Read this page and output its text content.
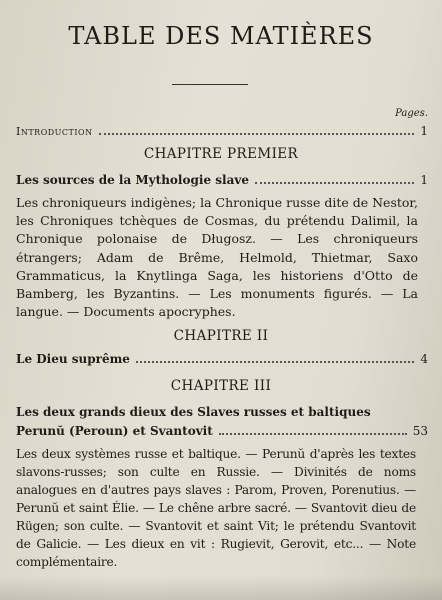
TABLE DES MATIÈRES
Pages.
Introduction	1
CHAPITRE PREMIER
Les sources de la Mythologie slave	1
Les chroniqueurs indigènes; la Chronique russe dite de Nestor, les Chroniques tchèques de Cosmas, du prétendu Dalimil, la Chronique polonaise de Długosz. — Les chroniqueurs étrangers; Adam de Brême, Helmold, Thietmar, Saxo Grammaticus, la Knytlinga Saga, les historiens d'Otto de Bamberg, les Byzantins. — Les monuments figurés. — La langue. — Documents apocryphes.
CHAPITRE II
Le Dieu suprême	4
CHAPITRE III
Les deux grands dieux des Slaves russes et baltiques
Perunŭ (Peroun) et Svantovit	53
Les deux systèmes russe et baltique. — Perunŭ d'après les textes slavons-russes; son culte en Russie. — Divinités de noms analogues en d'autres pays slaves : Parom, Proven, Porenutius. — Perunŭ et saint Élie. — Le chêne arbre sacré. — Svantovit dieu de Rügen; son culte. — Svantovit et saint Vit; le prétendu Svantovit de Galicie. — Les dieux en vit : Rugievit, Gerovit, etc... — Note complémentaire.
